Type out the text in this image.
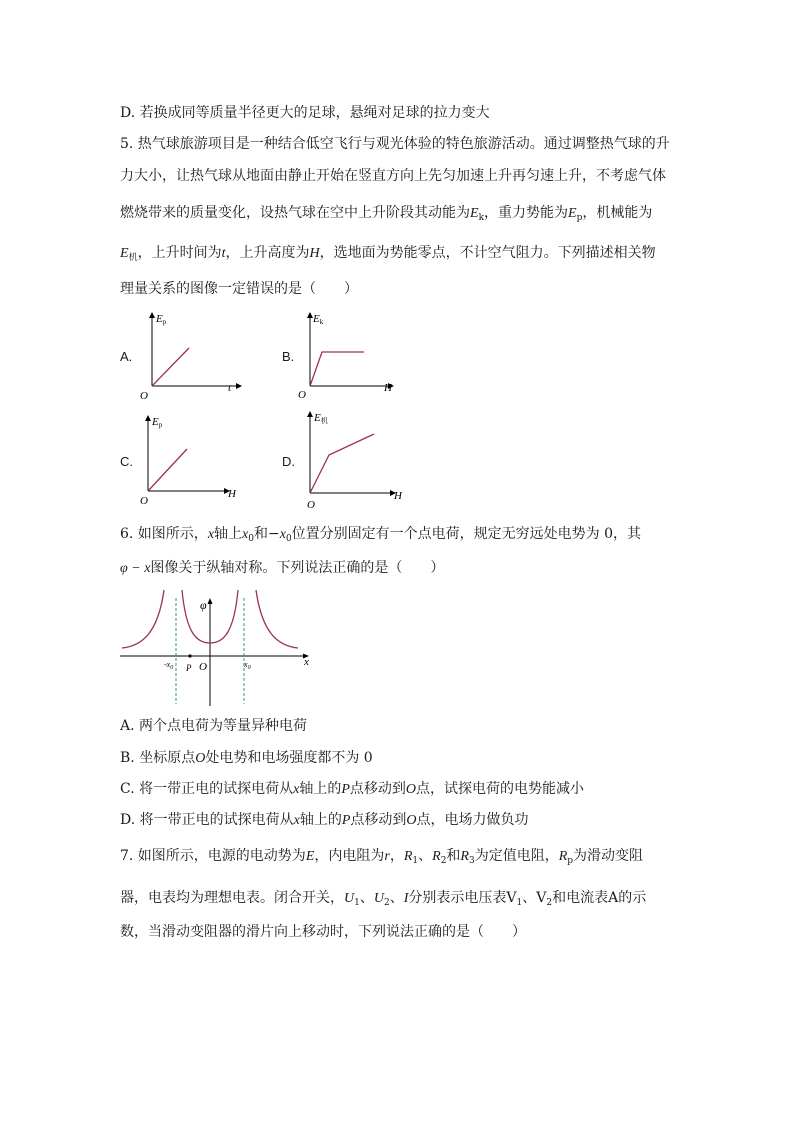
D. 若换成同等质量半径更大的足球，悬绳对足球的拉力变大
5. 热气球旅游项目是一种结合低空飞行与观光体验的特色旅游活动。通过调整热气球的升
力大小，让热气球从地面由静止开始在竖直方向上先匀加速上升再匀速上升，不考虑气体
燃烧带来的质量变化，设热气球在空中上升阶段其动能为$E_k$，重力势能为$E_p$，机械能为
$E_机$，上升时间为t，上升高度为H，选地面为势能零点，不计空气阻力。下列描述相关物
理量关系的图像一定错误的是（　　）
A.	B.
C.	D.
Ep
t
O
Ek
H
O
Ep
H
O
E机
H
O
6. 如图所示，x轴上$x_0$和$-x_0$位置分别固定有一个点电荷，规定无穷远处电势为 0，其
φ − x图像关于纵轴对称。下列说法正确的是（　　）
φ
x
O
P
$-x_0$	$x_0$
A. 两个点电荷为等量异种电荷
B. 坐标原点O处电势和电场强度都不为 0
C. 将一带正电的试探电荷从x轴上的P点移动到O点，试探电荷的电势能减小
D. 将一带正电的试探电荷从x轴上的P点移动到O点，电场力做负功
7. 如图所示，电源的电动势为E，内电阻为r，$R_1$、$R_2$和$R_3$为定值电阻，$R_p$为滑动变阻
器，电表均为理想电表。闭合开关，$U_1$、$U_2$、I分别表示电压表$V_1$、$V_2$和电流表A的示
数，当滑动变阻器的滑片向上移动时，下列说法正确的是（　　）
